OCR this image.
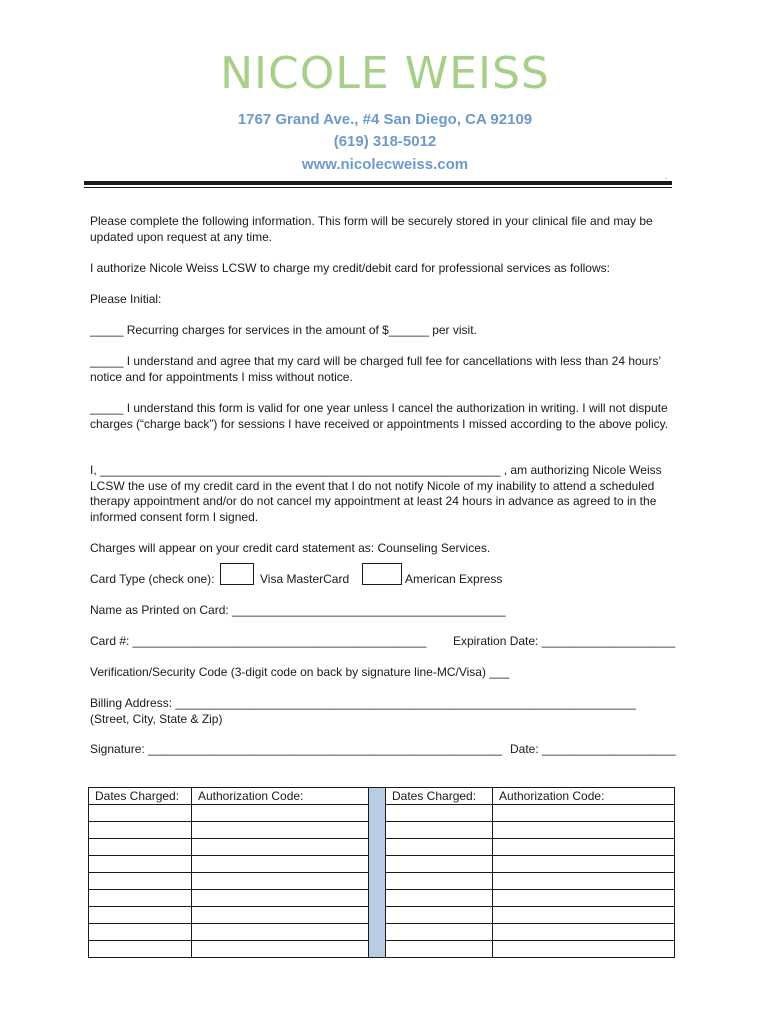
NICOLE WEISS
1767 Grand Ave., #4 San Diego, CA 92109
(619) 318-5012
www.nicolecweiss.com
.
Please complete the following information. This form will be securely stored in your clinical file and may be updated upon request at any time.
I authorize Nicole Weiss LCSW to charge my credit/debit card for professional services as follows:
Please Initial:
_____ Recurring charges for services in the amount of $______ per visit.
_____ I understand and agree that my card will be charged full fee for cancellations with less than 24 hours’ notice and for appointments I miss without notice.
_____ I understand this form is valid for one year unless I cancel the authorization in writing. I will not dispute charges (“charge back”) for sessions I have received or appointments I missed according to the above policy.
I, ____________________________________________________________ , am authorizing Nicole Weiss LCSW the use of my credit card in the event that I do not notify Nicole of my inability to attend a scheduled therapy appointment and/or do not cancel my appointment at least 24 hours in advance as agreed to in the informed consent form I signed.
Charges will appear on your credit card statement as: Counseling Services.
Card Type (check one):	Visa MasterCard	American Express
Name as Printed on Card: _________________________________________
Card #: ____________________________________________	Expiration Date: ____________________
Verification/Security Code (3-digit code on back by signature line-MC/Visa) ___
Billing Address: _____________________________________________________________________
(Street, City, State & Zip)
Signature: _____________________________________________________ Date: ____________________
Dates Charged:	Authorization Code:		Dates Charged:	Authorization Code:
